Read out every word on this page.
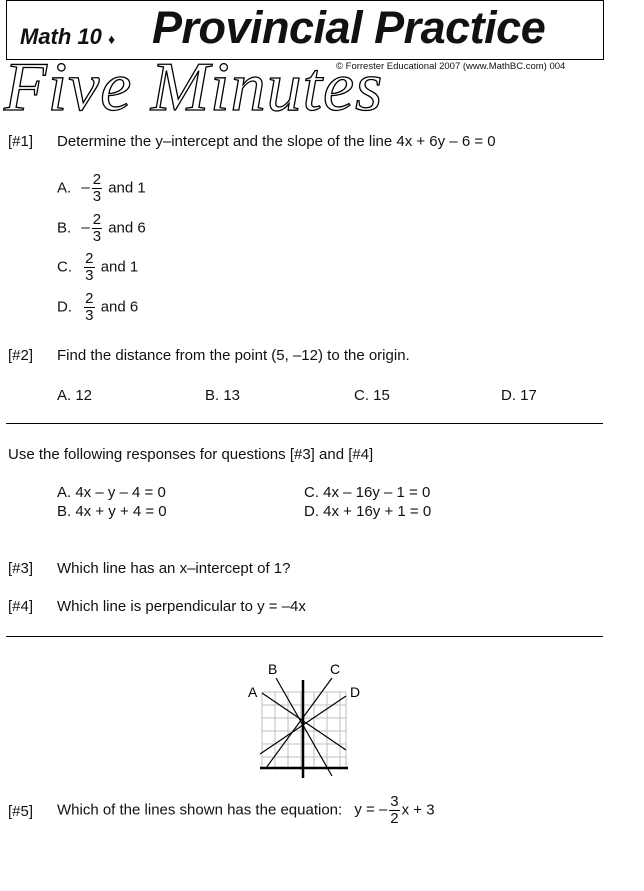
Math 10 ♦ Provincial Practice
Five Minutes
© Forrester Educational 2007 (www.MathBC.com) 004
[#1] Determine the y–intercept and the slope of the line 4x + 6y – 6 = 0
A. – $\frac{2}{3}$ and 1
B. – $\frac{2}{3}$ and 6
C. $\frac{2}{3}$ and 1
D. $\frac{2}{3}$ and 6
[#2] Find the distance from the point (5, –12) to the origin.
A. 12	B. 13	C. 15	D. 17
Use the following responses for questions [#3] and [#4]
A. 4x – y – 4 = 0	C. 4x – 16y – 1 = 0
B. 4x + y + 4 = 0	D. 4x + 16y + 1 = 0
[#3] Which line has an x–intercept of 1?
[#4] Which line is perpendicular to y = –4x
A
B	C
D
[#5] Which of the lines shown has the equation: y = – $\frac{3}{2}$ x + 3
